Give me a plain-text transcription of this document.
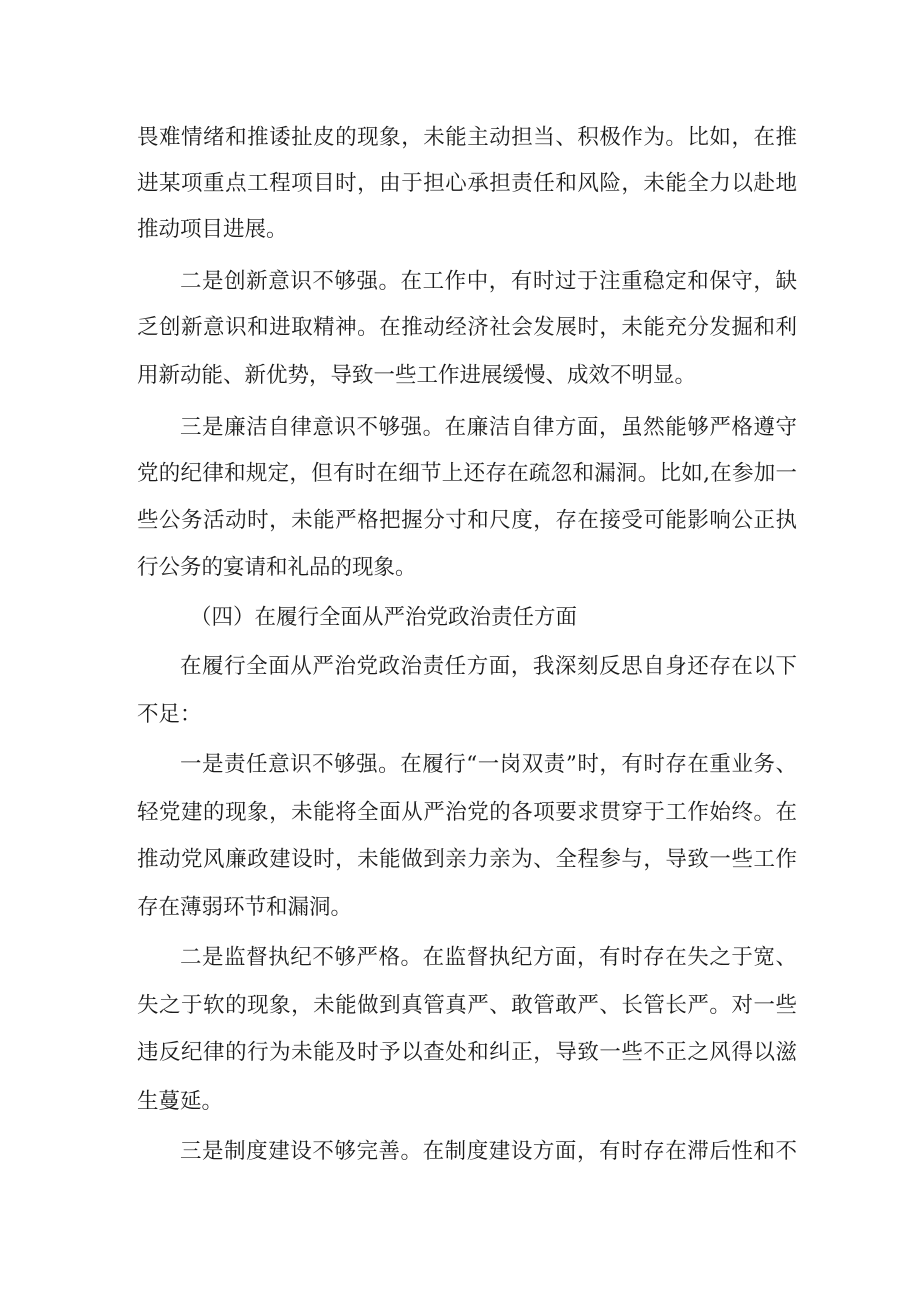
畏难情绪和推诿扯皮的现象，未能主动担当、积极作为。比如，在推
进某项重点工程项目时，由于担心承担责任和风险，未能全力以赴地
推动项目进展。
二是创新意识不够强。在工作中，有时过于注重稳定和保守，缺
乏创新意识和进取精神。在推动经济社会发展时，未能充分发掘和利
用新动能、新优势，导致一些工作进展缓慢、成效不明显。
三是廉洁自律意识不够强。在廉洁自律方面，虽然能够严格遵守
党的纪律和规定，但有时在细节上还存在疏忽和漏洞。比如,在参加一
些公务活动时，未能严格把握分寸和尺度，存在接受可能影响公正执
行公务的宴请和礼品的现象。
（四）在履行全面从严治党政治责任方面
在履行全面从严治党政治责任方面，我深刻反思自身还存在以下
不足：
一是责任意识不够强。在履行“一岗双责”时，有时存在重业务、
轻党建的现象，未能将全面从严治党的各项要求贯穿于工作始终。在
推动党风廉政建设时，未能做到亲力亲为、全程参与，导致一些工作
存在薄弱环节和漏洞。
二是监督执纪不够严格。在监督执纪方面，有时存在失之于宽、
失之于软的现象，未能做到真管真严、敢管敢严、长管长严。对一些
违反纪律的行为未能及时予以查处和纠正，导致一些不正之风得以滋
生蔓延。
三是制度建设不够完善。在制度建设方面，有时存在滞后性和不
